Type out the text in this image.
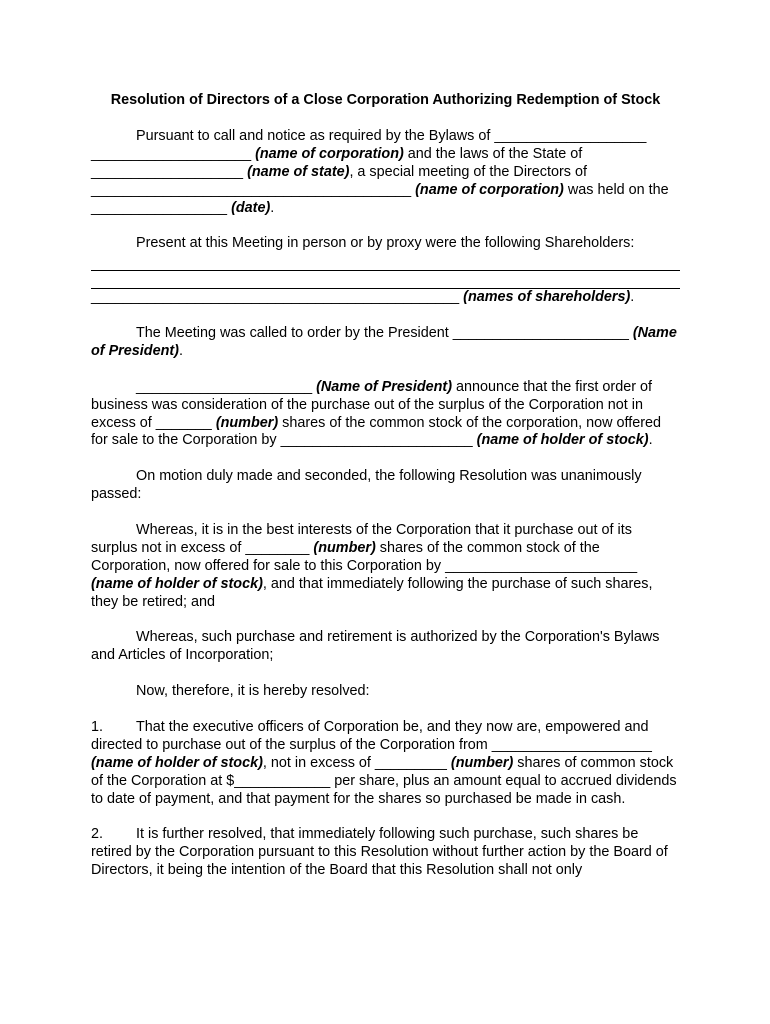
Resolution of Directors of a Close Corporation Authorizing Redemption of Stock

Pursuant to call and notice as required by the Bylaws of ___________________ ____________________ (name of corporation) and the laws of the State of ___________________ (name of state), a special meeting of the Directors of ________________________________________ (name of corporation) was held on the _________________ (date).

Present at this Meeting in person or by proxy were the following Shareholders:

______________________________________________ (names of shareholders).

The Meeting was called to order by the President ______________________ (Name of President).

______________________ (Name of President) announce that the first order of business was consideration of the purchase out of the surplus of the Corporation not in excess of _______ (number) shares of the common stock of the corporation, now offered for sale to the Corporation by ________________________ (name of holder of stock).

On motion duly made and seconded, the following Resolution was unanimously passed:

Whereas, it is in the best interests of the Corporation that it purchase out of its surplus not in excess of ________ (number) shares of the common stock of the Corporation, now offered for sale to this Corporation by ________________________ (name of holder of stock), and that immediately following the purchase of such shares, they be retired; and

Whereas, such purchase and retirement is authorized by the Corporation's Bylaws and Articles of Incorporation;

Now, therefore, it is hereby resolved:

1. That the executive officers of Corporation be, and they now are, empowered and directed to purchase out of the surplus of the Corporation from ____________________ (name of holder of stock), not in excess of _________ (number) shares of common stock of the Corporation at $____________ per share, plus an amount equal to accrued dividends to date of payment, and that payment for the shares so purchased be made in cash.

2. It is further resolved, that immediately following such purchase, such shares be retired by the Corporation pursuant to this Resolution without further action by the Board of Directors, it being the intention of the Board that this Resolution shall not only
